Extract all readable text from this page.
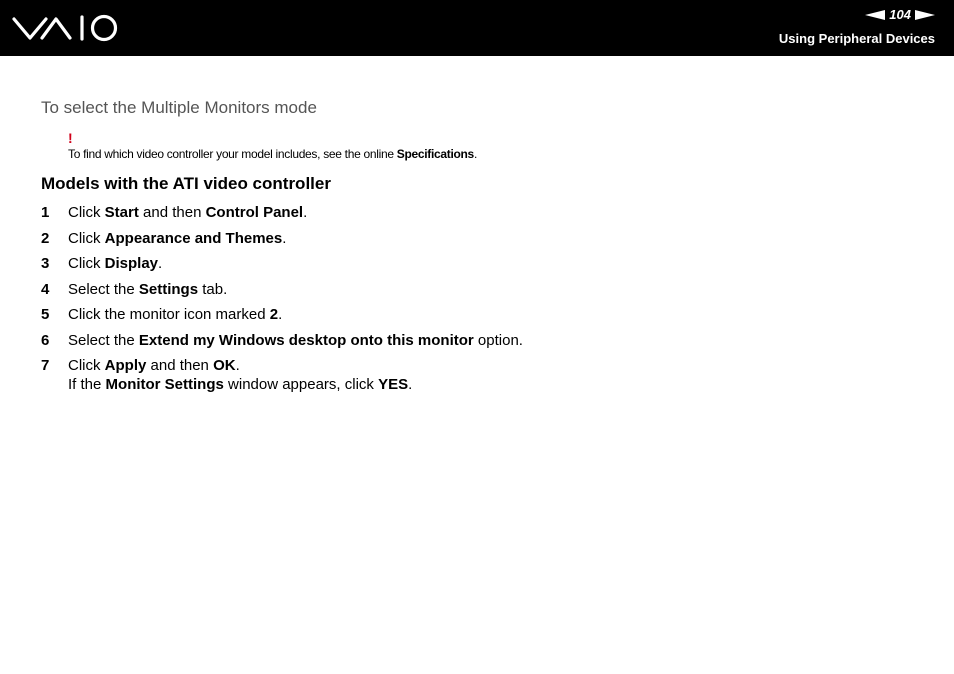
104
Using Peripheral Devices
To select the Multiple Monitors mode
!
To find which video controller your model includes, see the online Specifications.
Models with the ATI video controller
1	Click Start and then Control Panel.
2	Click Appearance and Themes.
3	Click Display.
4	Select the Settings tab.
5	Click the monitor icon marked 2.
6	Select the Extend my Windows desktop onto this monitor option.
7	Click Apply and then OK.
If the Monitor Settings window appears, click YES.
